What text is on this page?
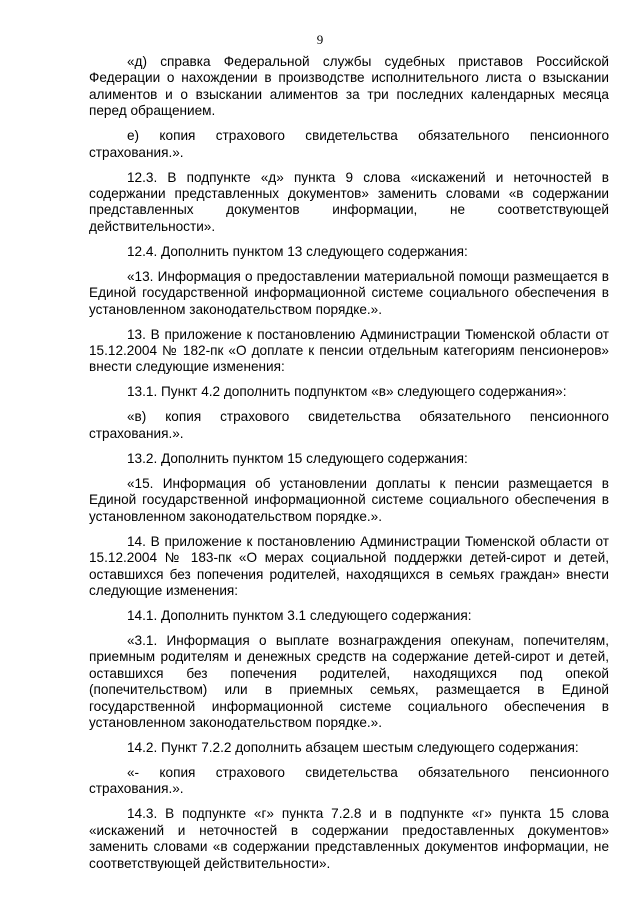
9

«д) справка Федеральной службы судебных приставов Российской Федерации о нахождении в производстве исполнительного листа о взыскании алиментов и о взыскании алиментов за три последних календарных месяца перед обращением.

е) копия страхового свидетельства обязательного пенсионного страхования.».

12.3. В подпункте «д» пункта 9 слова «искажений и неточностей в содержании представленных документов» заменить словами «в содержании представленных документов информации, не соответствующей действительности».

12.4. Дополнить пунктом 13 следующего содержания:

«13. Информация о предоставлении материальной помощи размещается в Единой государственной информационной системе социального обеспечения в установленном законодательством порядке.».

13. В приложение к постановлению Администрации Тюменской области от 15.12.2004 № 182-пк «О доплате к пенсии отдельным категориям пенсионеров» внести следующие изменения:

13.1. Пункт 4.2 дополнить подпунктом «в» следующего содержания»:

«в) копия страхового свидетельства обязательного пенсионного страхования.».

13.2. Дополнить пунктом 15 следующего содержания:

«15. Информация об установлении доплаты к пенсии размещается в Единой государственной информационной системе социального обеспечения в установленном законодательством порядке.».

14. В приложение к постановлению Администрации Тюменской области от 15.12.2004 № 183-пк «О мерах социальной поддержки детей-сирот и детей, оставшихся без попечения родителей, находящихся в семьях граждан» внести следующие изменения:

14.1. Дополнить пунктом 3.1 следующего содержания:

«3.1. Информация о выплате вознаграждения опекунам, попечителям, приемным родителям и денежных средств на содержание детей-сирот и детей, оставшихся без попечения родителей, находящихся под опекой (попечительством) или в приемных семьях, размещается в Единой государственной информационной системе социального обеспечения в установленном законодательством порядке.».

14.2. Пункт 7.2.2 дополнить абзацем шестым следующего содержания:

«- копия страхового свидетельства обязательного пенсионного страхования.».

14.3. В подпункте «г» пункта 7.2.8 и в подпункте «г» пункта 15 слова «искажений и неточностей в содержании предоставленных документов» заменить словами «в содержании представленных документов информации, не соответствующей действительности».
